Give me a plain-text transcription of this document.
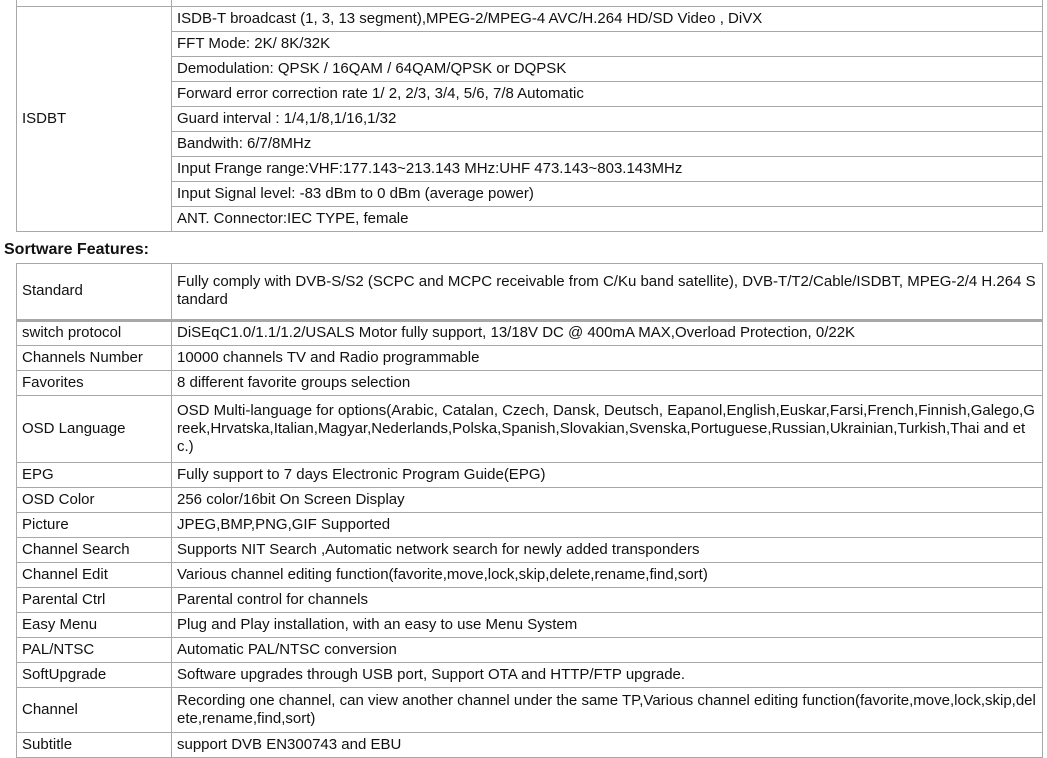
ISDBT	ISDB-T broadcast (1, 3, 13 segment),MPEG-2/MPEG-4 AVC/H.264 HD/SD Video , DiVX
	FFT Mode: 2K/ 8K/32K
	Demodulation: QPSK / 16QAM / 64QAM/QPSK or DQPSK
	Forward error correction rate 1/ 2, 2/3, 3/4, 5/6, 7/8 Automatic
	Guard interval : 1/4,1/8,1/16,1/32
	Bandwith: 6/7/8MHz
	Input Frange range:VHF:177.143~213.143 MHz:UHF 473.143~803.143MHz
	Input Signal level: -83 dBm to 0 dBm (average power)
	ANT. Connector:IEC TYPE, female
Sortware Features:
Standard	Fully comply with DVB-S/S2 (SCPC and MCPC receivable from C/Ku band satellite), DVB-T/T2/Cable/ISDBT, MPEG-2/4 H.264 Standard
switch protocol	DiSEqC1.0/1.1/1.2/USALS Motor fully support, 13/18V DC @ 400mA MAX,Overload Protection, 0/22K
Channels Number	10000 channels TV and Radio programmable
Favorites	8 different favorite groups selection
OSD Language	OSD Multi-language for options(Arabic, Catalan, Czech, Dansk, Deutsch, Eapanol,English,Euskar,Farsi,French,Finnish,Galego,Greek,Hrvatska,Italian,Magyar,Nederlands,Polska,Spanish,Slovakian,Svenska,Portuguese,Russian,Ukrainian,Turkish,Thai and etc.)
EPG	Fully support to 7 days Electronic Program Guide(EPG)
OSD Color	256 color/16bit On Screen Display
Picture	JPEG,BMP,PNG,GIF Supported
Channel Search	Supports NIT Search ,Automatic network search for newly added transponders
Channel Edit	Various channel editing function(favorite,move,lock,skip,delete,rename,find,sort)
Parental Ctrl	Parental control for channels
Easy Menu	Plug and Play installation, with an easy to use Menu System
PAL/NTSC	Automatic PAL/NTSC conversion
SoftUpgrade	Software upgrades through USB port, Support OTA and HTTP/FTP upgrade.
Channel	Recording one channel, can view another channel under the same TP,Various channel editing function(favorite,move,lock,skip,delete,rename,find,sort)
Subtitle	support DVB EN300743 and EBU
